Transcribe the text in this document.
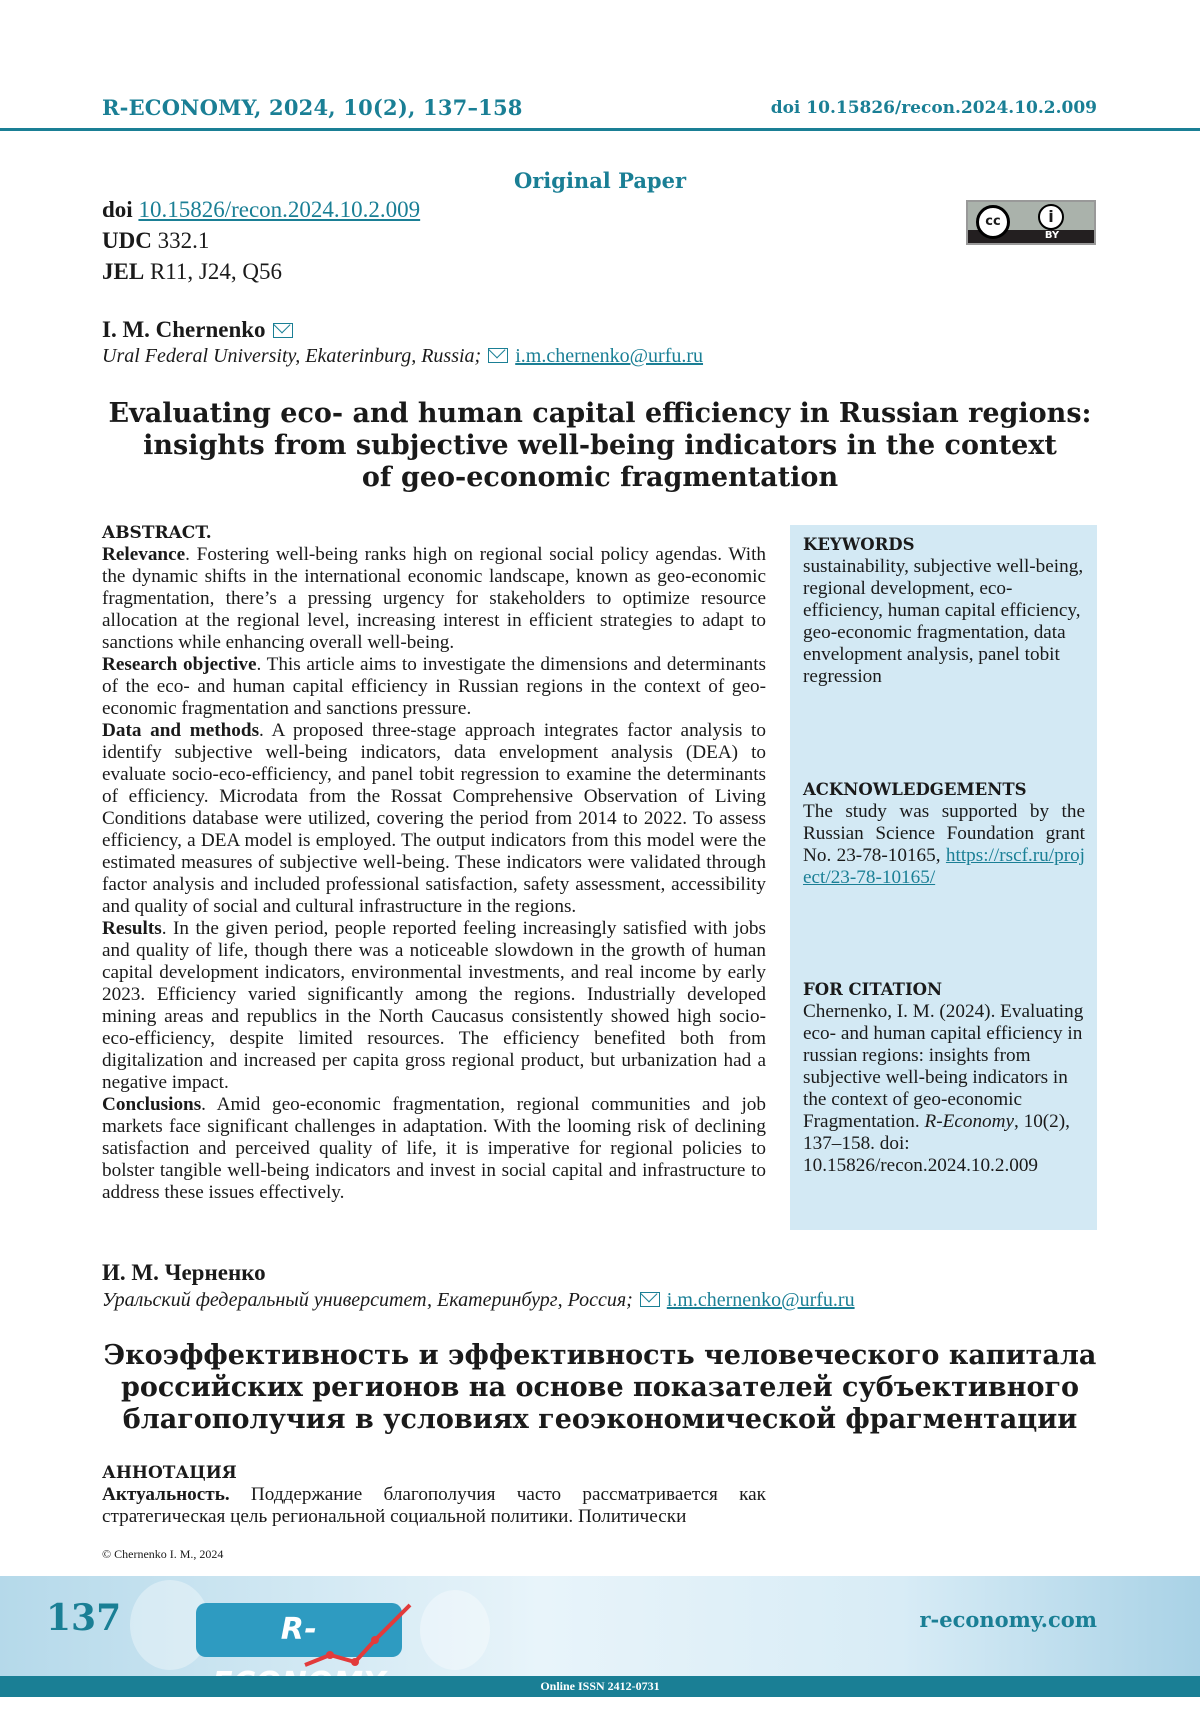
R-ECONOMY, 2024, 10(2), 137–158	doi 10.15826/recon.2024.10.2.009
Original Paper
doi 10.15826/recon.2024.10.2.009
UDC 332.1
JEL R11, J24, Q56
cc	i
BY
I. M. Chernenko
Ural Federal University, Ekaterinburg, Russia; i.m.chernenko@urfu.ru
Evaluating eco- and human capital efficiency in Russian regions:
insights from subjective well-being indicators in the context
of geo-economic fragmentation

ABSTRACT.

Relevance. Fostering well-being ranks high on regional social policy agendas. With the dynamic shifts in the international economic landscape, known as geo-economic fragmentation, there’s a pressing urgency for stakeholders to optimize resource allocation at the regional level, increasing interest in efficient strategies to adapt to sanctions while enhancing overall well-being.

Research objective. This article aims to investigate the dimensions and determinants of the eco- and human capital efficiency in Russian regions in the context of geo-economic fragmentation and sanctions pressure.

Data and methods. A proposed three-stage approach integrates factor analysis to identify subjective well-being indicators, data envelopment analysis (DEA) to evaluate socio-eco-efficiency, and panel tobit regression to examine the determinants of efficiency. Microdata from the Rossat Comprehensive Observation of Living Conditions database were utilized, covering the period from 2014 to 2022. To assess efficiency, a DEA model is employed. The output indicators from this model were the estimated measures of subjective well-being. These indicators were validated through factor analysis and included professional satisfaction, safety assessment, accessibility and quality of social and cultural infrastructure in the regions.

Results. In the given period, people reported feeling increasingly satisfied with jobs and quality of life, though there was a noticeable slowdown in the growth of human capital development indicators, environmental investments, and real income by early 2023. Efficiency varied significantly among the regions. Industrially developed mining areas and republics in the North Caucasus consistently showed high socio-eco-efficiency, despite limited resources. The efficiency benefited both from digitalization and increased per capita gross regional product, but urbanization had a negative impact.

Conclusions. Amid geo-economic fragmentation, regional communities and job markets face significant challenges in adaptation. With the looming risk of declining satisfaction and perceived quality of life, it is imperative for regional policies to bolster tangible well-being indicators and invest in social capital and infrastructure to address these issues effectively.

KEYWORDS
sustainability, subjective well-being, regional development, eco-efficiency, human capital efficiency, geo-economic fragmentation, data envelopment analysis, panel tobit regression
ACKNOWLEDGEMENTS
The study was supported by the Russian Science Foundation grant No. 23-78-10165, https://rscf.ru/project/23-78-10165/
FOR CITATION
Chernenko, I. M. (2024). Evaluating eco- and human capital efficiency in russian regions: insights from subjective well-being indicators in the context of geo-economic Fragmentation. R-Economy, 10(2), 137–158. doi: 10.15826/recon.2024.10.2.009
И. М. Черненко
Уральский федеральный университет, Екатеринбург, Россия; i.m.chernenko@urfu.ru
Экоэффективность и эффективность человеческого капитала
российских регионов на основе показателей субъективного
благополучия в условиях геоэкономической фрагментации
АННОТАЦИЯ
Актуальность. Поддержание благополучия часто рассматривается как стратегическая цель региональной социальной политики. Политически
© Chernenko I. M., 2024
137	R-ECONOMY
r-economy.com
Online ISSN 2412-0731
